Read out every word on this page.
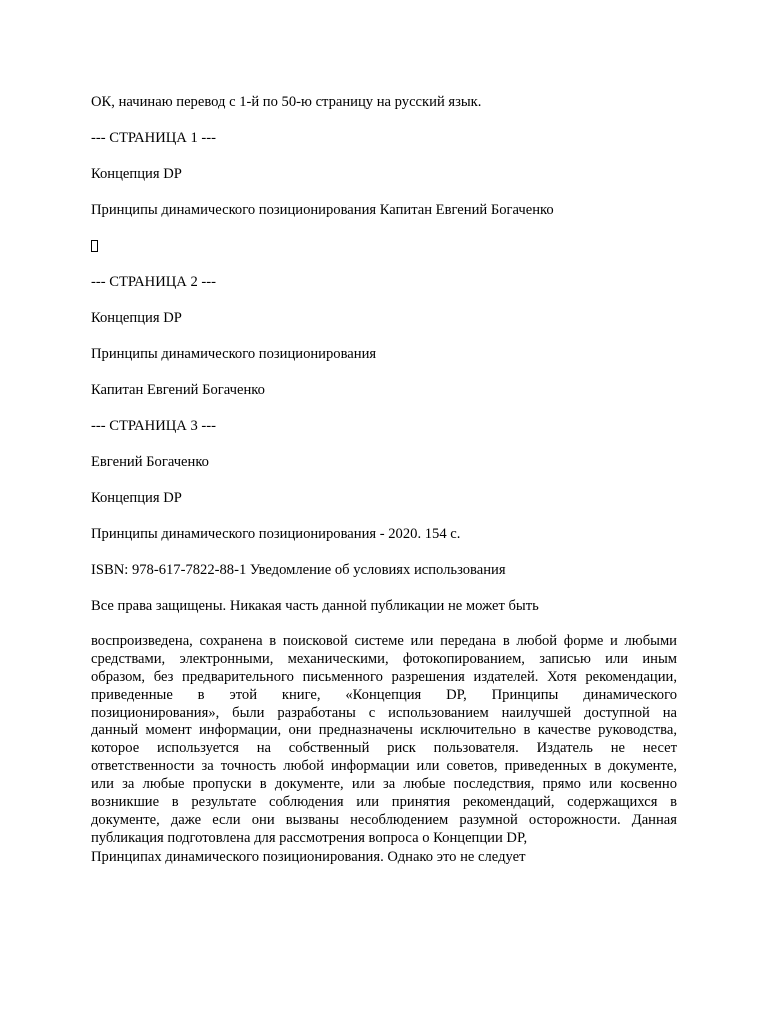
ОК, начинаю перевод с 1-й по 50-ю страницу на русский язык.

--- СТРАНИЦА 1 ---

Концепция DP

Принципы динамического позиционирования Капитан Евгений Богаченко

--- СТРАНИЦА 2 ---

Концепция DP

Принципы динамического позиционирования

Капитан Евгений Богаченко

--- СТРАНИЦА 3 ---

Евгений Богаченко

Концепция DP

Принципы динамического позиционирования - 2020. 154 с.

ISBN: 978-617-7822-88-1 Уведомление об условиях использования

Все права защищены. Никакая часть данной публикации не может быть

воспроизведена, сохранена в поисковой системе или передана в любой форме и любыми
средствами, электронными, механическими, фотокопированием, записью или иным
образом, без предварительного письменного разрешения издателей. Хотя рекомендации,
приведенные в этой книге, «Концепция DP, Принципы динамического
позиционирования», были разработаны с использованием наилучшей доступной на
данный момент информации, они предназначены исключительно в качестве руководства,
которое используется на собственный риск пользователя. Издатель не несет
ответственности за точность любой информации или советов, приведенных в документе,
или за любые пропуски в документе, или за любые последствия, прямо или косвенно
возникшие в результате соблюдения или принятия рекомендаций, содержащихся в
документе, даже если они вызваны несоблюдением разумной осторожности. Данная
публикация подготовлена для рассмотрения вопроса о Концепции DP,

Принципах динамического позиционирования. Однако это не следует
